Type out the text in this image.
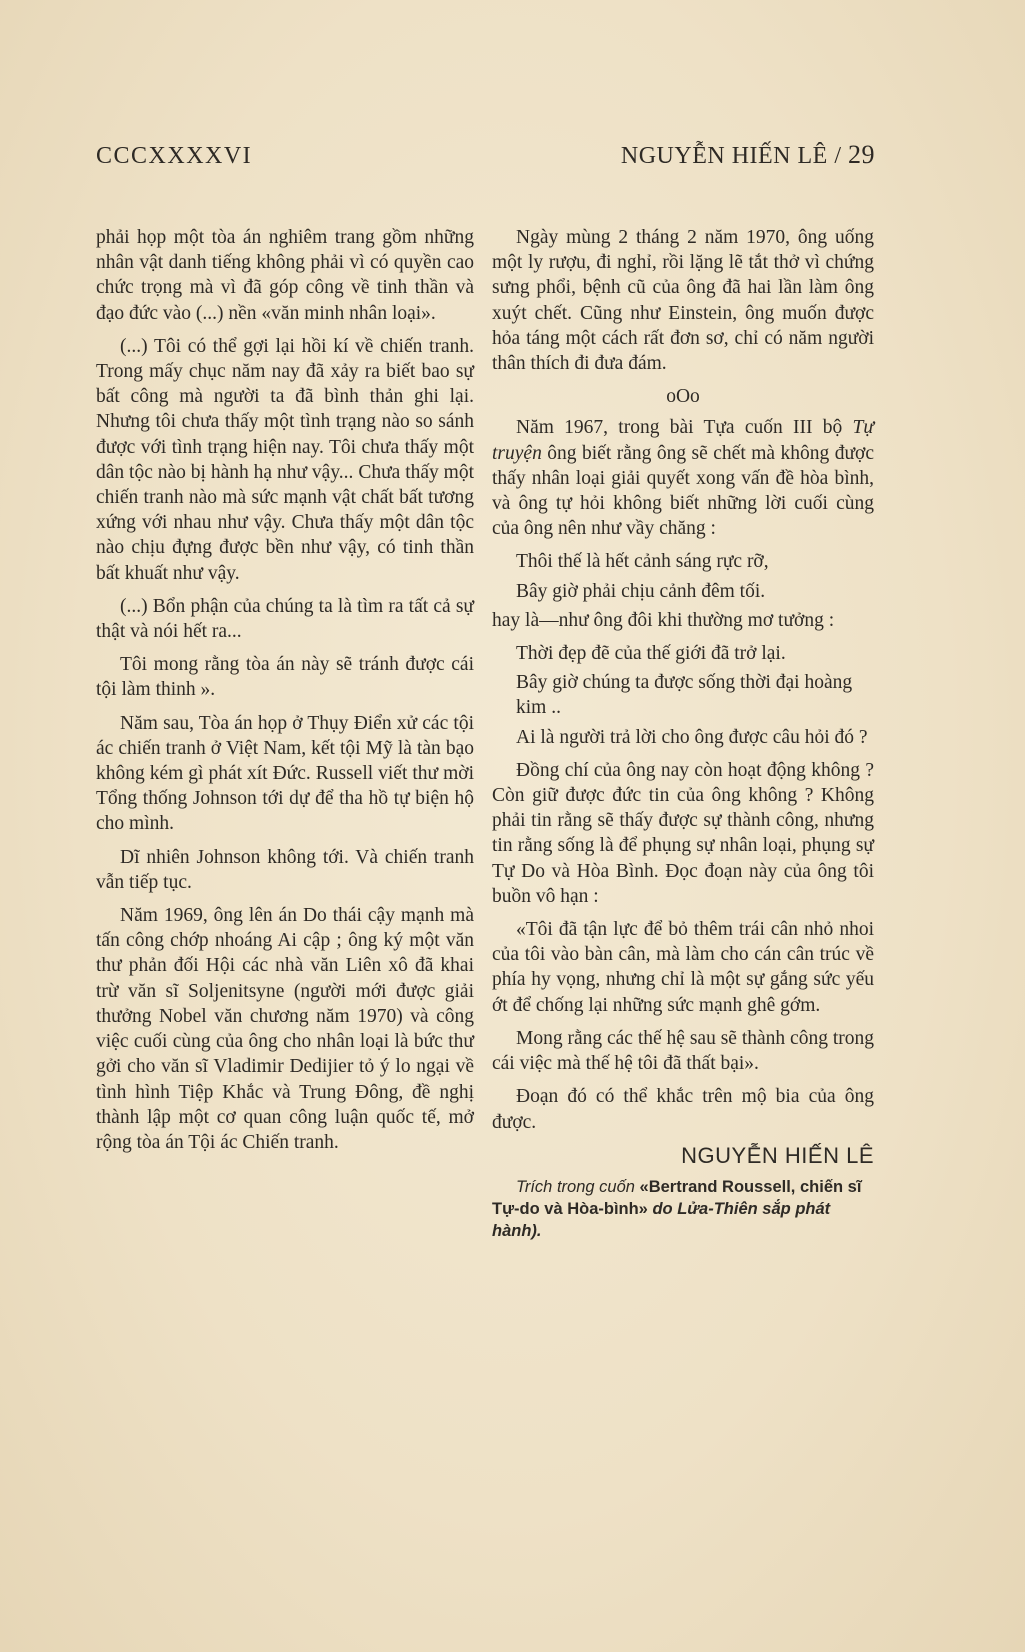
CCCXXXXVI	NGUYỄN HIẾN LÊ / 29

phải họp một tòa án nghiêm trang gồm những nhân vật danh tiếng không phải vì có quyền cao chức trọng mà vì đã góp công về tinh thần và đạo đức vào (...) nền «văn minh nhân loại».

(...) Tôi có thể gợi lại hồi kí về chiến tranh. Trong mấy chục năm nay đã xảy ra biết bao sự bất công mà người ta đã bình thản ghi lại. Nhưng tôi chưa thấy một tình trạng nào so sánh được với tình trạng hiện nay. Tôi chưa thấy một dân tộc nào bị hành hạ như vậy... Chưa thấy một chiến tranh nào mà sức mạnh vật chất bất tương xứng với nhau như vậy. Chưa thấy một dân tộc nào chịu đựng được bền như vậy, có tinh thần bất khuất như vậy.

(...) Bổn phận của chúng ta là tìm ra tất cả sự thật và nói hết ra...

Tôi mong rằng tòa án này sẽ tránh được cái tội làm thinh ».

Năm sau, Tòa án họp ở Thụy Điển xử các tội ác chiến tranh ở Việt Nam, kết tội Mỹ là tàn bạo không kém gì phát xít Đức. Russell viết thư mời Tổng thống Johnson tới dự để tha hồ tự biện hộ cho mình.

Dĩ nhiên Johnson không tới. Và chiến tranh vẫn tiếp tục.

Năm 1969, ông lên án Do thái cậy mạnh mà tấn công chớp nhoáng Ai cập ; ông ký một văn thư phản đối Hội các nhà văn Liên xô đã khai trừ văn sĩ Soljenitsyne (người mới được giải thưởng Nobel văn chương năm 1970) và công việc cuối cùng của ông cho nhân loại là bức thư gởi cho văn sĩ Vladimir Dedijier tỏ ý lo ngại về tình hình Tiệp Khắc và Trung Đông, đề nghị thành lập một cơ quan công luận quốc tế, mở rộng tòa án Tội ác Chiến tranh.

Ngày mùng 2 tháng 2 năm 1970, ông uống một ly rượu, đi nghỉ, rồi lặng lẽ tắt thở vì chứng sưng phổi, bệnh cũ của ông đã hai lần làm ông xuýt chết. Cũng như Einstein, ông muốn được hỏa táng một cách rất đơn sơ, chỉ có năm người thân thích đi đưa đám.

oOo

Năm 1967, trong bài Tựa cuốn III bộ Tự truyện ông biết rằng ông sẽ chết mà không được thấy nhân loại giải quyết xong vấn đề hòa bình, và ông tự hỏi không biết những lời cuối cùng của ông nên như vầy chăng :

Thôi thế là hết cảnh sáng rực rỡ,

Bây giờ phải chịu cảnh đêm tối.

hay là—như ông đôi khi thường mơ tưởng :

Thời đẹp đẽ của thế giới đã trở lại.

Bây giờ chúng ta được sống thời đại hoàng kim ..

Ai là người trả lời cho ông được câu hỏi đó ?

Đồng chí của ông nay còn hoạt động không ? Còn giữ được đức tin của ông không ? Không phải tin rằng sẽ thấy được sự thành công, nhưng tin rằng sống là để phụng sự nhân loại, phụng sự Tự Do và Hòa Bình. Đọc đoạn này của ông tôi buồn vô hạn :

«Tôi đã tận lực để bỏ thêm trái cân nhỏ nhoi của tôi vào bàn cân, mà làm cho cán cân trúc về phía hy vọng, nhưng chỉ là một sự gắng sức yếu ớt để chống lại những sức mạnh ghê gớm.

Mong rằng các thế hệ sau sẽ thành công trong cái việc mà thế hệ tôi đã thất bại».

Đoạn đó có thể khắc trên mộ bia của ông được.

NGUYỄN HIẾN LÊ

Trích trong cuốn «Bertrand Roussell, chiến sĩ Tự-do và Hòa-bình» do Lửa-Thiên sắp phát hành).
